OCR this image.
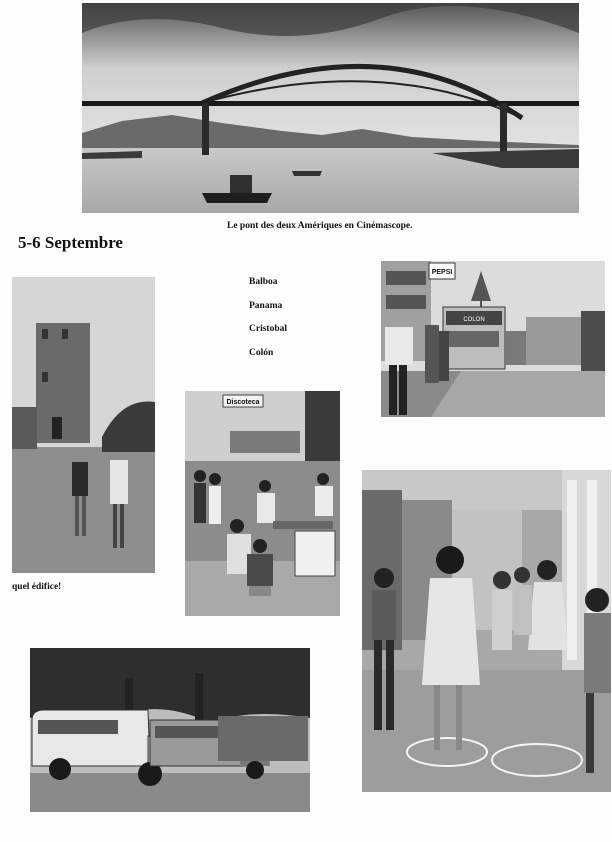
Le pont des deux Amériques en Cinémascope.
5-6 Septembre
quel édifice!
Balboa
Panama
Cristobal
Colón
PEPSI
COLON
Discoteca
